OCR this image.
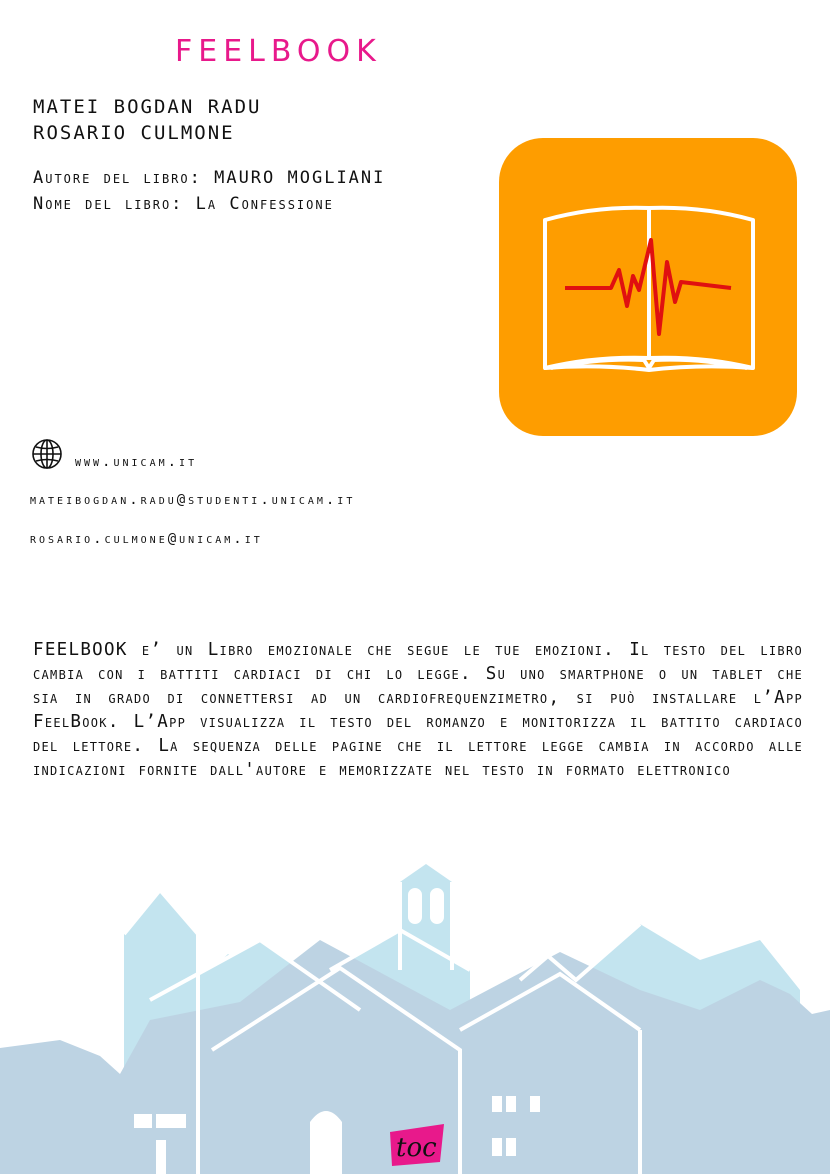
FEELBOOK
MATEI BOGDAN RADU
ROSARIO CULMONE
Autore del libro: MAURO MOGLIANI
Nome del libro: La Confessione
www.unicam.it
mateibogdan.radu@studenti.unicam.it
rosario.culmone@unicam.it

FEELBOOK e’ un Libro emozionale che segue le tue emozioni. Il testo del libro cambia con i battiti cardiaci di chi lo legge. Su uno smartphone o un tablet che sia in grado di connettersi ad un cardiofrequenzimetro, si può installare l’App FeelBook. L’App visualizza il testo del romanzo e monitorizza il battito cardiaco del lettore. La sequenza delle pagine che il lettore legge cambia in accordo alle indicazioni fornite dall'autore e memorizzate nel testo in formato elettronico

toc
